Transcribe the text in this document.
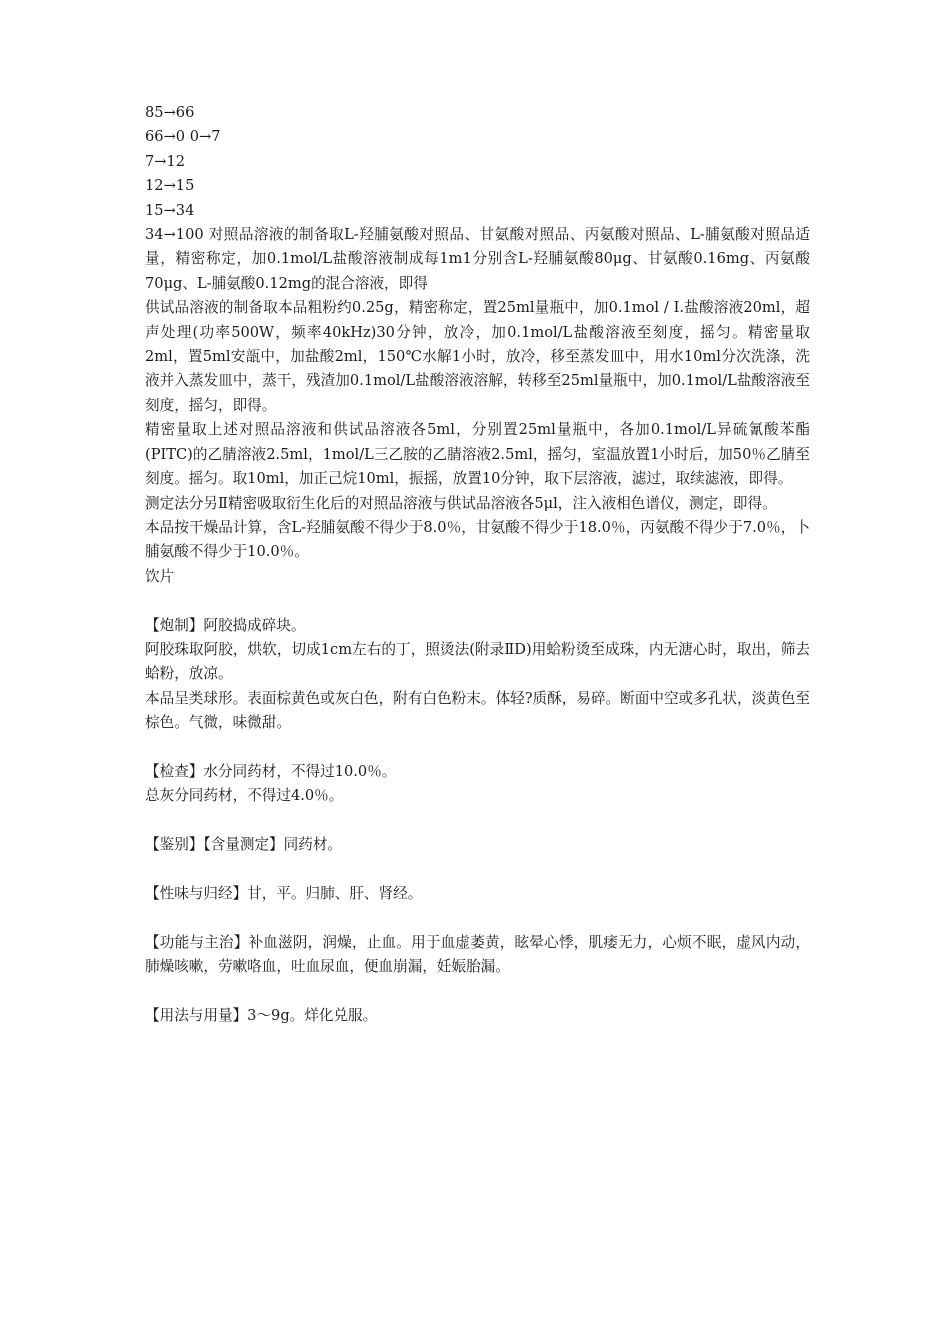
85→66
66→0 0→7
7→12
12→15
15→34
34→100 对照品溶液的制备取L-羟脯氨酸对照品、甘氨酸对照品、丙氨酸对照品、L-脯氨酸对照品适量，精密称定，加0.1mol/L盐酸溶液制成每1m1分别含L-羟脯氨酸80μg、甘氨酸0.16mg、丙氨酸70μg、L-脯氨酸0.12mg的混合溶液，即得
供试品溶液的制备取本品粗粉约0.25g，精密称定，置25ml量瓶中，加0.1mol / I.盐酸溶液20ml，超声处理(功率500W，频率40kHz)30分钟，放冷，加0.1mol/L盐酸溶液至刻度，摇匀。精密量取2ml，置5ml安瓿中，加盐酸2ml，150℃水解1小时，放冷，移至蒸发皿中，用水10ml分次洗涤，洗液并入蒸发皿中，蒸干，残渣加0.1mol/L盐酸溶液溶解，转移至25ml量瓶中，加0.1mol/L盐酸溶液至刻度，摇匀，即得。
精密量取上述对照品溶液和供试品溶液各5ml，分别置25ml量瓶中，各加0.1mol/L异硫氰酸苯酯(PITC)的乙腈溶液2.5ml，1mol/L三乙胺的乙腈溶液2.5ml，摇匀，室温放置1小时后，加50％乙腈至刻度。摇匀。取10ml，加正己烷10ml，振摇，放置10分钟，取下层溶液，滤过，取续滤液，即得。
测定法分另Ⅱ精密吸取衍生化后的对照品溶液与供试品溶液各5μl，注入液相色谱仪，测定，即得。
本品按干燥品计算，含L-羟脯氨酸不得少于8.0％，甘氨酸不得少于18.0％，丙氨酸不得少于7.0％，卜脯氨酸不得少于10.0％。
饮片
【炮制】阿胶捣成碎块。
阿胶珠取阿胶，烘软，切成1cm左右的丁，照烫法(附录ⅡD)用蛤粉烫至成珠，内无溏心时，取出，筛去蛤粉，放凉。
本品呈类球形。表面棕黄色或灰白色，附有白色粉末。体轻?质酥，易碎。断面中空或多孔状，淡黄色至棕色。气微，味微甜。
【检查】水分同药材，不得过10.0％。
总灰分同药材，不得过4.0％。
【鉴别】【含量测定】同药材。
【性味与归经】甘，平。归肺、肝、肾经。
【功能与主治】补血滋阴，润燥，止血。用于血虚萎黄，眩晕心悸，肌痿无力，心烦不眠，虚风内动，肺燥咳嗽，劳嗽咯血，吐血尿血，便血崩漏，妊娠胎漏。
【用法与用量】3～9g。烊化兑服。
